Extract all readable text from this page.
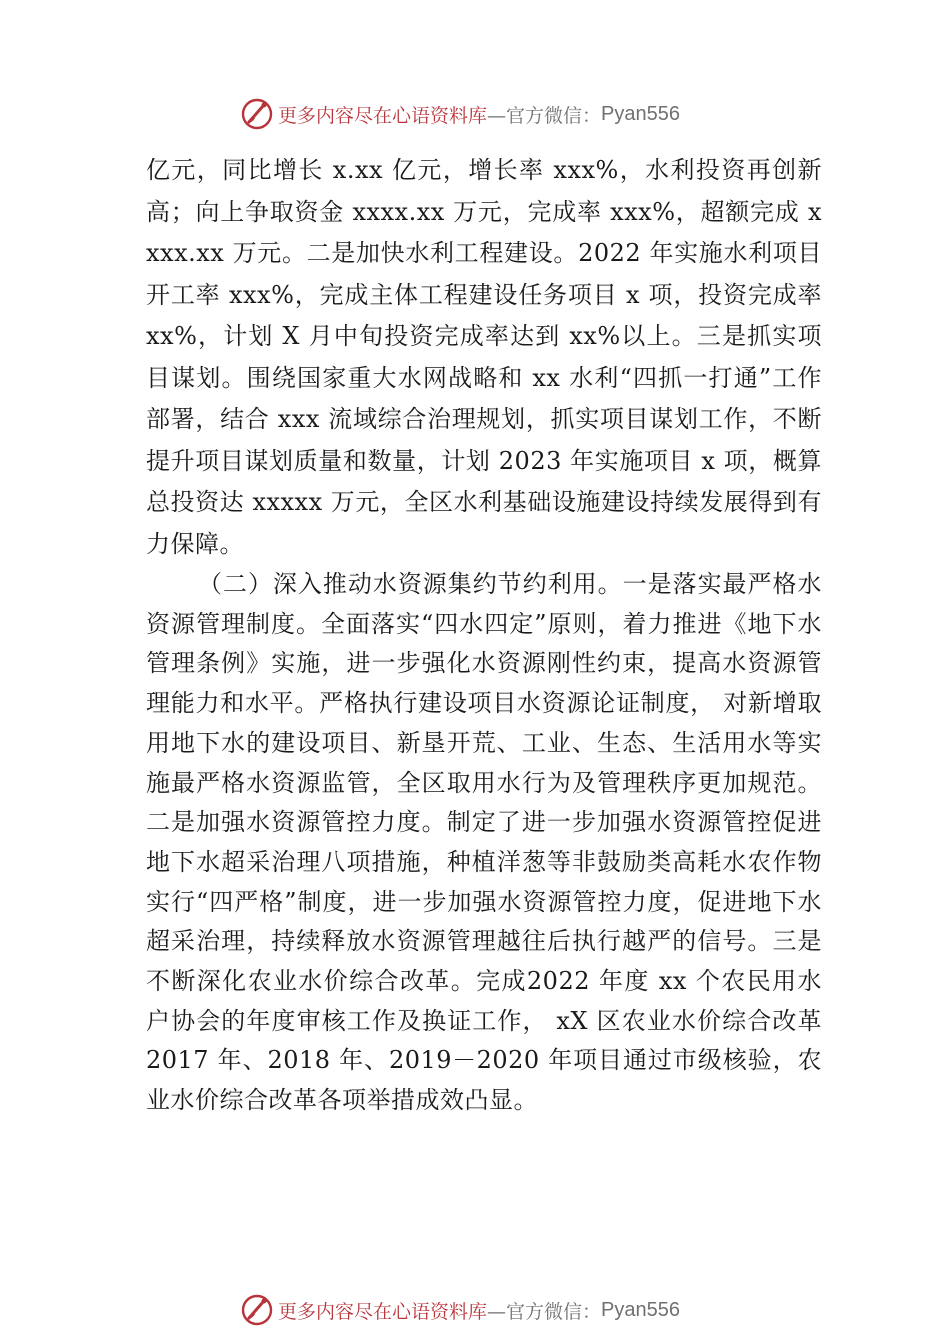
更多内容尽在心语资料库 —官方微信： Pyan556

亿元，同比增长 x.xx 亿元，增长率 xxx%，水利投资再创新高；向上争取资金 xxxx.xx 万元，完成率 xxx%，超额完成 xxxx.xx 万元。二是加快水利工程建设。2022 年实施水利项目开工率 xxx%，完成主体工程建设任务项目 x 项，投资完成率 xx%，计划 X 月中旬投资完成率达到 xx%以上。三是抓实项目谋划。围绕国家重大水网战略和 xx 水利“四抓一打通”工作部署，结合 xxx 流域综合治理规划，抓实项目谋划工作，不断提升项目谋划质量和数量，计划 2023 年实施项目 x 项，概算总投资达 xxxxx 万元，全区水利基础设施建设持续发展得到有力保障。

（二）深入推动水资源集约节约利用。一是落实最严格水资源管理制度。全面落实“四水四定”原则，着力推进《地下水管理条例》实施，进一步强化水资源刚性约束，提高水资源管理能力和水平。严格执行建设项目水资源论证制度， 对新增取用地下水的建设项目、新垦开荒、工业、生态、生活用水等实施最严格水资源监管，全区取用水行为及管理秩序更加规范。二是加强水资源管控力度。制定了进一步加强水资源管控促进地下水超采治理八项措施，种植洋葱等非鼓励类高耗水农作物实行“四严格”制度，进一步加强水资源管控力度，促进地下水超采治理，持续释放水资源管理越往后执行越严的信号。三是不断深化农业水价综合改革。完成2022 年度 xx 个农民用水户协会的年度审核工作及换证工作， xX 区农业水价综合改革 2017 年、2018 年、2019－2020 年项目通过市级核验，农业水价综合改革各项举措成效凸显。

更多内容尽在心语资料库 —官方微信： Pyan556
